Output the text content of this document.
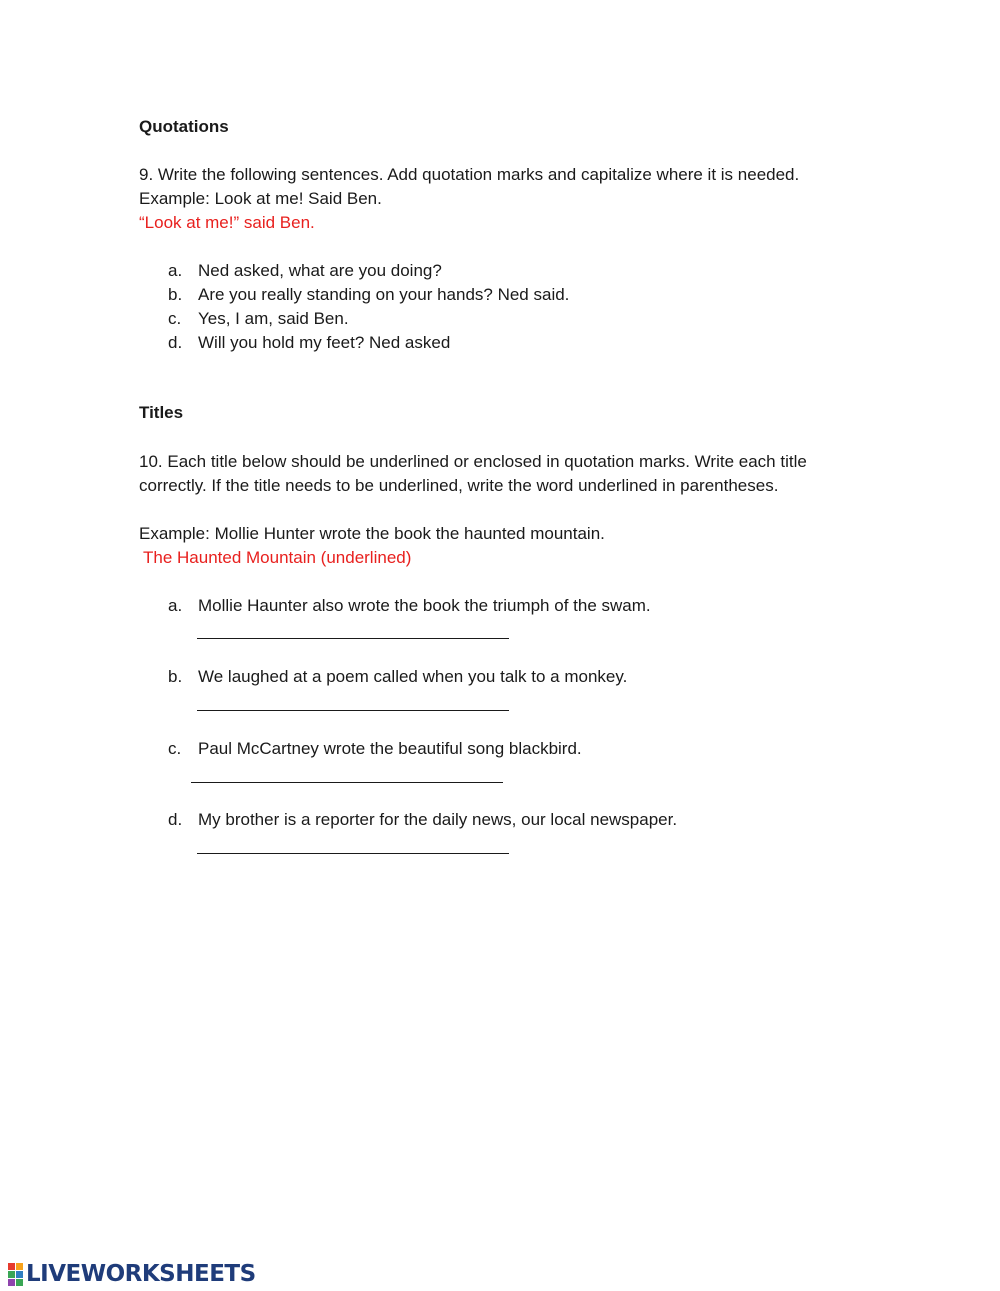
Quotations
9. Write the following sentences. Add quotation marks and capitalize where it is needed.
Example: Look at me! Said Ben.
“Look at me!” said Ben.
a. Ned asked, what are you doing?
b. Are you really standing on your hands? Ned said.
c. Yes, I am, said Ben.
d. Will you hold my feet? Ned asked
Titles
10. Each title below should be underlined or enclosed in quotation marks. Write each title
correctly. If the title needs to be underlined, write the word underlined in parentheses.
Example: Mollie Hunter wrote the book the haunted mountain.
The Haunted Mountain (underlined)
a. Mollie Haunter also wrote the book the triumph of the swam.
b. We laughed at a poem called when you talk to a monkey.
c. Paul McCartney wrote the beautiful song blackbird.
d. My brother is a reporter for the daily news, our local newspaper.
LIVEWORKSHEETS
